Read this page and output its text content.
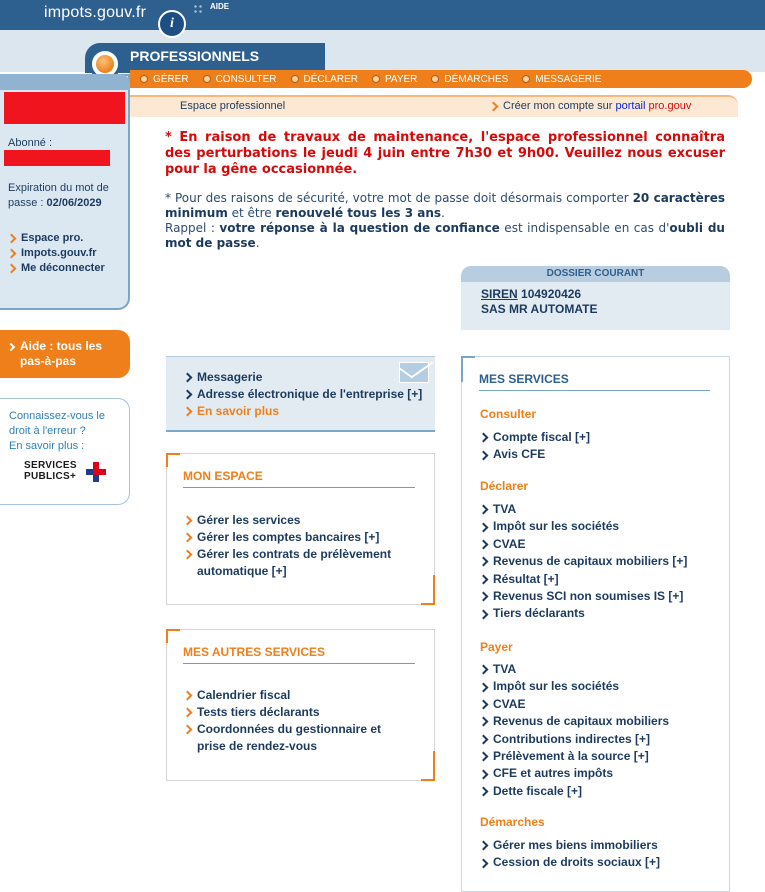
impots.gouv.fr	AIDE
i
PROFESSIONNELS
GÉRER	CONSULTER	DÉCLARER	PAYER	DÉMARCHES	MESSAGERIE
Espace professionnel	Créer mon compte sur portail
pro.gouv
Abonné :
Expiration du mot de passe : 02/06/2029
Espace pro.
Impots.gouv.fr
Me déconnecter
Aide : tous les pas-à-pas
Connaissez-vous le
droit à l'erreur ?
En savoir plus :
SERVICES
PUBLICS+
* En raison de travaux de maintenance, l'espace professionnel connaîtra des perturbations le jeudi 4 juin entre 7h30 et 9h00. Veuillez nous excuser pour la gêne occasionnée.
* Pour des raisons de sécurité, votre mot de passe doit désormais comporter 20 caractères minimum et être renouvelé tous les 3 ans.
Rappel : votre réponse à la question de confiance est indispensable en cas d'oubli du mot de passe.
DOSSIER COURANT
SIREN 104920426
SAS MR AUTOMATE
Messagerie
Adresse électronique de l'entreprise [+]
En savoir plus
MON ESPACE
Gérer les services
Gérer les comptes bancaires [+]
Gérer les contrats de prélèvement automatique [+]
MES AUTRES SERVICES
Calendrier fiscal
Tests tiers déclarants
Coordonnées du gestionnaire et prise de rendez-vous
MES SERVICES
Consulter
Compte fiscal [+]
Avis CFE
Déclarer
TVA
Impôt sur les sociétés
CVAE
Revenus de capitaux mobiliers [+]
Résultat [+]
Revenus SCI non soumises IS [+]
Tiers déclarants
Payer
TVA
Impôt sur les sociétés
CVAE
Revenus de capitaux mobiliers
Contributions indirectes [+]
Prélèvement à la source [+]
CFE et autres impôts
Dette fiscale [+]
Démarches
Gérer mes biens immobiliers
Cession de droits sociaux [+]
